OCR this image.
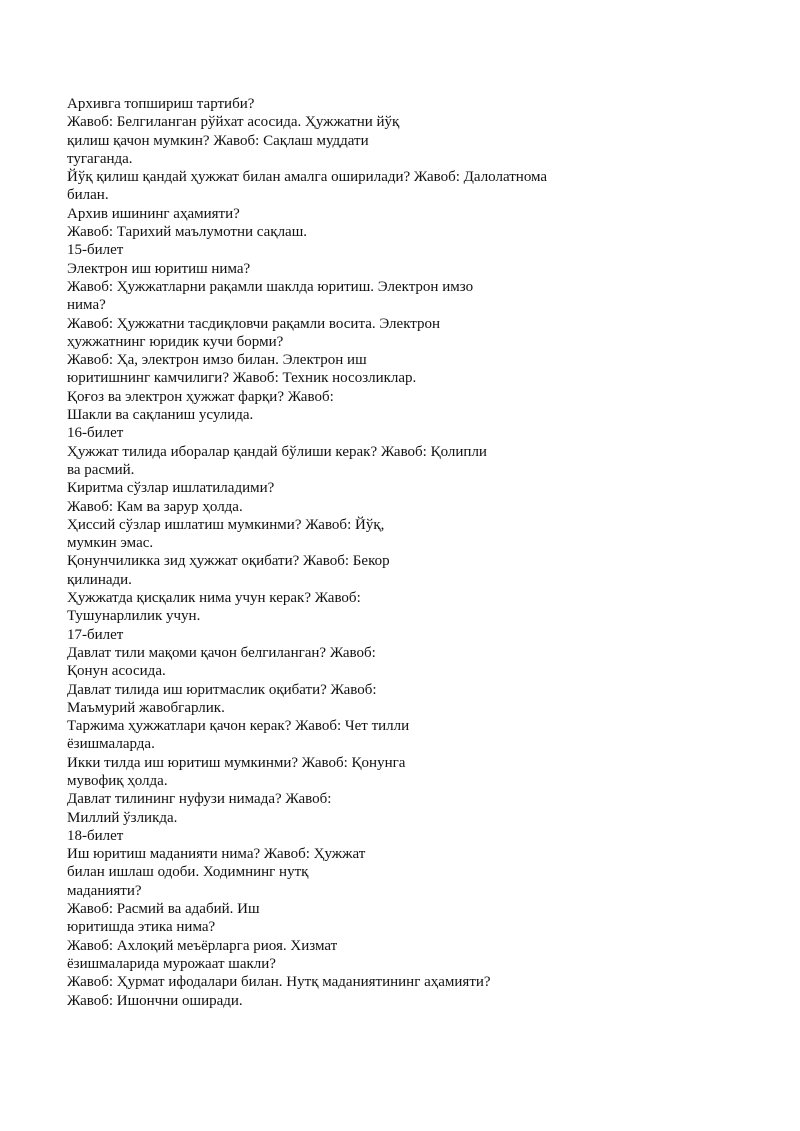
Архивга топшириш тартиби?
Жавоб: Белгиланган рўйхат асосида. Ҳужжатни йўқ
қилиш қачон мумкин? Жавоб: Сақлаш муддати
тугаганда.
Йўқ қилиш қандай ҳужжат билан амалга оширилади? Жавоб: Далолатнома
билан.
Архив ишининг аҳамияти?
Жавоб: Тарихий маълумотни сақлаш.
15-билет
Электрон иш юритиш нима?
Жавоб: Ҳужжатларни рақамли шаклда юритиш. Электрон имзо
нима?
Жавоб: Ҳужжатни тасдиқловчи рақамли восита. Электрон
ҳужжатнинг юридик кучи борми?
Жавоб: Ҳа, электрон имзо билан. Электрон иш
юритишнинг камчилиги? Жавоб: Техник носозликлар.
Қоғоз ва электрон ҳужжат фарқи? Жавоб:
Шакли ва сақланиш усулида.
16-билет
Ҳужжат тилида иборалар қандай бўлиши керак? Жавоб: Қолипли
ва расмий.
Киритма сўзлар ишлатиладими?
Жавоб: Кам ва зарур ҳолда.
Ҳиссий сўзлар ишлатиш мумкинми? Жавоб: Йўқ,
мумкин эмас.
Қонунчиликка зид ҳужжат оқибати? Жавоб: Бекор
қилинади.
Ҳужжатда қисқалик нима учун керак? Жавоб:
Тушунарлилик учун.
17-билет
Давлат тили мақоми қачон белгиланган? Жавоб:
Қонун асосида.
Давлат тилида иш юритмаслик оқибати? Жавоб:
Маъмурий жавобгарлик.
Таржима ҳужжатлари қачон керак? Жавоб: Чет тилли
ёзишмаларда.
Икки тилда иш юритиш мумкинми? Жавоб: Қонунга
мувофиқ ҳолда.
Давлат тилининг нуфузи нимада? Жавоб:
Миллий ўзликда.
18-билет
Иш юритиш маданияти нима? Жавоб: Ҳужжат
билан ишлаш одоби. Ходимнинг нутқ
маданияти?
Жавоб: Расмий ва адабий. Иш
юритишда этика нима?
Жавоб: Ахлоқий меъёрларга риоя. Хизмат
ёзишмаларида мурожаат шакли?
Жавоб: Ҳурмат ифодалари билан. Нутқ маданиятининг аҳамияти?
Жавоб: Ишончни оширади.
